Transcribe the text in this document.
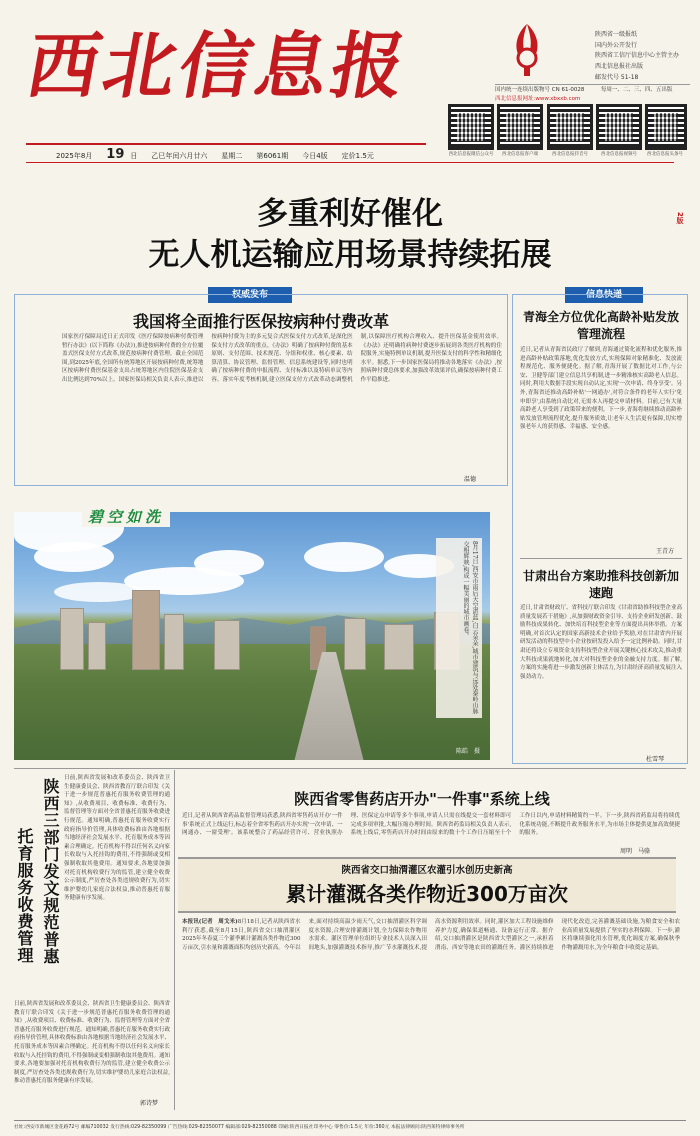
西北信息报	陕西省一级报纸
国内外公开发行
陕西省工信厅信息中心主管主办
西北信息报社出版
邮发代号 51-18
国内统一连续出版物号 CN 61-0028　　　每周一、二、三、四、五出版
西北信息报网址:www.xbxxb.com
西北信息报微信公众号	西北信息报客户端	西北信息报抖音号	西北信息报视频号	西北信息报头条号
2025年8月 19 日 乙巳年闰六月廿六 星期二 第6061期 今日4版 定价1.5元
多重利好催化
无人机运输应用场景持续拓展
2版
权威发布
我国将全面推行医保按病种付费改革
国家医疗保障局近日正式印发《医疗保障按病种付费管理暂行办法》(以下简称《办法》),推进按病种付费的全方位覆盖式医保支付方式改革,规范按病种付费管理。截止全国范围,到2025年底,全国所有统筹地区开展按病种付费,统筹地区按病种付费医保基金支出占统筹地区内住院医保基金支出比例达到70%以上。国家医保局相关负责人表示,推进以按病种付费为主的多元复合式医保支付方式改革,是深化医保支付方式改革的重点。《办法》明确了按病种付费的基本原则、支付范围、技术规范、分组和权重、核心要素、结算清算、协议管理、监督管理、信息系统建设等,同时也明确了按病种付费的申报流程、支付标准以及特病单议等内容。落实年度考核机制,建立医保支付方式改革动态调整机制,以保障医疗机构合理收入、提升医保基金使用效率。《办法》还明确将病种付费逐步拓展到各类医疗机构的住院服务,实施特例单议机制,提升医保支付的科学性和精细化水平。据悉,下一步国家医保局将推动各地落实《办法》,按照病种付费总体要求,加强改革效果评估,确保按病种付费工作平稳推进。
温德
碧空如洗
8月17日,西安市雨后天空湛蓝,白云朵朵,城市建筑与远处秦岭山脉交相辉映,构成一幅美丽的城市画卷。
陈皓　摄
信息快递
青海全方位优化高龄补贴发放管理流程
近日,记者从青海省民政厅了解到,青海通过简化流程和优化服务,推进高龄补贴政策落地,优化发放方式,实现保障对象精准化、发放流程规范化、服务便捷化。据了解,青海开展了数据比对工作,与公安、卫健等部门建立信息共享机制,进一步精准核实高龄老人信息。同时,利用大数据手段实现自动认定,实现'一次申请、终身享受'。另外,青海省还推动高龄补贴'一网通办',对符合条件的老年人实行'免申即享',由系统自动比对,无需本人再提交申请材料。目前,已有大量高龄老人享受到了政策带来的便利。下一步,青海将继续推动高龄补贴发放管理流程优化,提升服务质效,让老年人生活更有保障,切实增强老年人的获得感、幸福感、安全感。
王青方
甘肃出台方案助推科技创新加速跑
近日,甘肃省财政厅、省科技厅联合印发《甘肃省助推科技型企业高质量发展若干措施》,从加强财政资金引导、支持企业研发创新、鼓励科技成果转化、加快培育科技型企业等方面提出具体举措。方案明确,对首次认定的国家高新技术企业给予奖励,对在甘肃省内开展研发活动的科技型中小企业按研发投入给予一定比例补助。同时,甘肃还将设立专项资金支持科技型企业开展关键核心技术攻关,推动重大科技成果就地转化,加大对科技型企业的金融支持力度。据了解,方案的实施将进一步激发创新主体活力,为甘肃经济高质量发展注入强劲动力。
杜雪琴
陕西三部门发文规范普惠
托育服务收费管理
日前,陕西省发展和改革委员会、陕西省卫生健康委员会、陕西省教育厅联合印发《关于进一步规范普惠托育服务收费管理的通知》,从收费项目、收费标准、收费行为、监督管理等方面对全省普惠托育服务收费进行规范。通知明确,普惠托育服务收费实行政府指导价管理,具体收费标准由各地根据当地经济社会发展水平、托育服务成本等因素合理确定。托育机构不得以任何名义向家长收取与入托挂钩的费用,不得强制或变相强制收取其他费用。通知要求,各地要加强对托育机构收费行为的监管,建立健全收费公示制度,严厉查处各类违规收费行为,切实维护婴幼儿家庭合法权益,推动普惠托育服务健康有序发展。
日前,陕西省发展和改革委员会、陕西省卫生健康委员会、陕西省教育厅联合印发《关于进一步规范普惠托育服务收费管理的通知》,从收费项目、收费标准、收费行为、监督管理等方面对全省普惠托育服务收费进行规范。通知明确,普惠托育服务收费实行政府指导价管理,具体收费标准由各地根据当地经济社会发展水平、托育服务成本等因素合理确定。托育机构不得以任何名义向家长收取与入托挂钩的费用,不得强制或变相强制收取其他费用。通知要求,各地要加强对托育机构收费行为的监管,建立健全收费公示制度,严厉查处各类违规收费行为,切实维护婴幼儿家庭合法权益,推动普惠托育服务健康有序发展。
郭诗梦
陕西省零售药店开办"一件事"系统上线
近日,记者从陕西省药品监督管理局获悉,陕西省零售药店开办'一件事'系统正式上线运行,标志着全省零售药店开办实现'一次申请、一网通办、一窗受理'。该系统整合了药品经营许可、营业执照办理、医保定点申请等多个事项,申请人只需在线提交一套材料即可完成多项审批,大幅压缩办理时间。陕西省药监局相关负责人表示,系统上线后,零售药店开办时间由原来的数十个工作日压缩至十个工作日以内,申请材料精简约一半。下一步,陕西省药监局将持续优化系统功能,不断提升政务服务水平,为市场主体提供更加高效便捷的服务。
周明　马骆
陕西省交口抽渭灌区农灌引水创历史新高
累计灌溉各类作物近300万亩次
本报讯(记者　周戈米)8月18日,记者从陕西省水利厅获悉,截至8月15日,陕西省交口抽渭灌区2025年冬春夏三个灌季累计灌溉各类作物近300万亩次,引水量和灌溉面积均创历史新高。今年以来,面对持续高温少雨天气,交口抽渭灌区科学调度水资源,合理安排灌溉计划,全力保障农作物用水需求。灌区管理单位组织专业技术人员深入田间地头,加强灌溉技术指导,推广节水灌溉技术,提高水资源利用效率。同时,灌区加大工程设施维修养护力度,确保渠道畅通、设备运行正常。据介绍,交口抽渭灌区是陕西省大型灌区之一,承担着渭南、西安等地农田的灌溉任务。灌区持续推进现代化改造,完善灌溉基础设施,为粮食安全和农业高质量发展提供了坚实的水利保障。下一步,灌区将继续强化用水管理,优化调度方案,确保秋季作物灌溉用水,为全年粮食丰收奠定基础。
社址:西安市新城区金花路72号 邮编710032 发行热线:029-82350099 广告热线:029-82350077 编辑部:029-82350088 印刷:陕西日报社印务中心 零售价:1.5元 年价:360元 本报法律顾问:陕西莱特律师事务所
